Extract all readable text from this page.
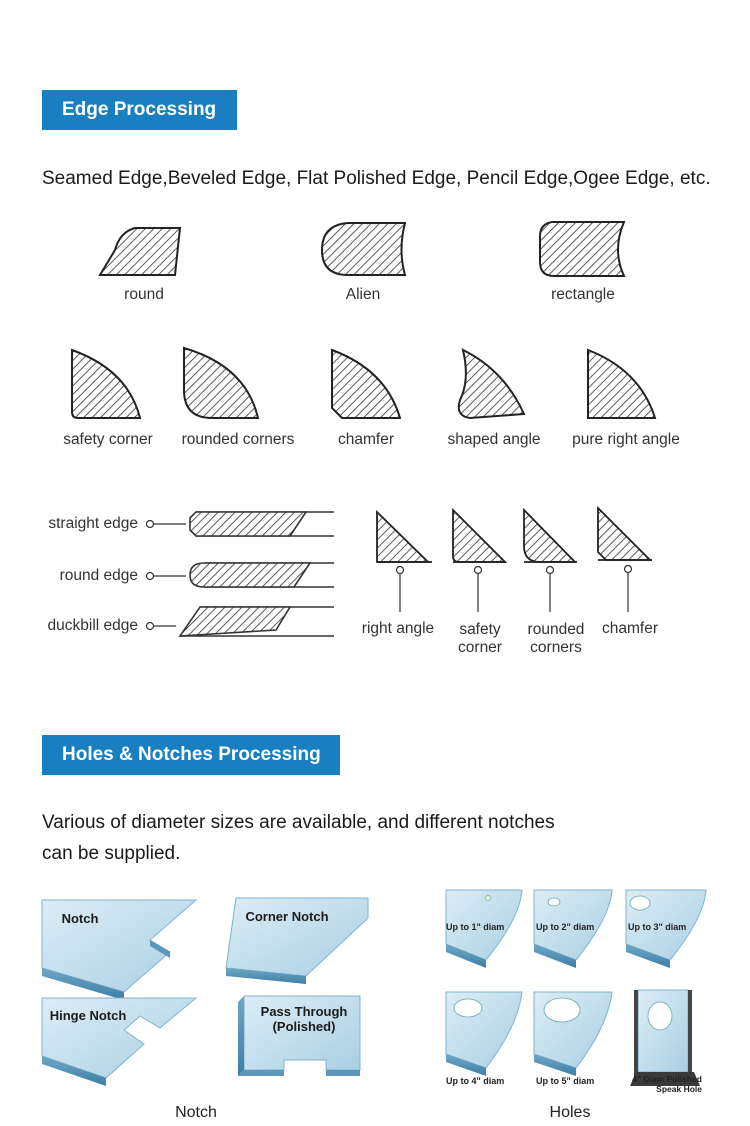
Edge Processing
Seamed Edge,Beveled Edge, Flat Polished Edge, Pencil Edge,Ogee Edge, etc.
round	Alien	rectangle
safety corner	rounded corners	chamfer	shaped angle	pure right angle
straight edge
round edge
duckbill edge	right angle	safety corner
rounded corners
chamfer
Holes & Notches Processing
Various of diameter sizes are available, and different notches
can be supplied.
Notch	Corner Notch
Hinge Notch	Pass Through (Polished)
Up to 1" diam	Up to 2" diam	Up to 3" diam
Up to 4" diam	Up to 5" diam	4" Diam Polished Speak Hole
Notch	Holes
